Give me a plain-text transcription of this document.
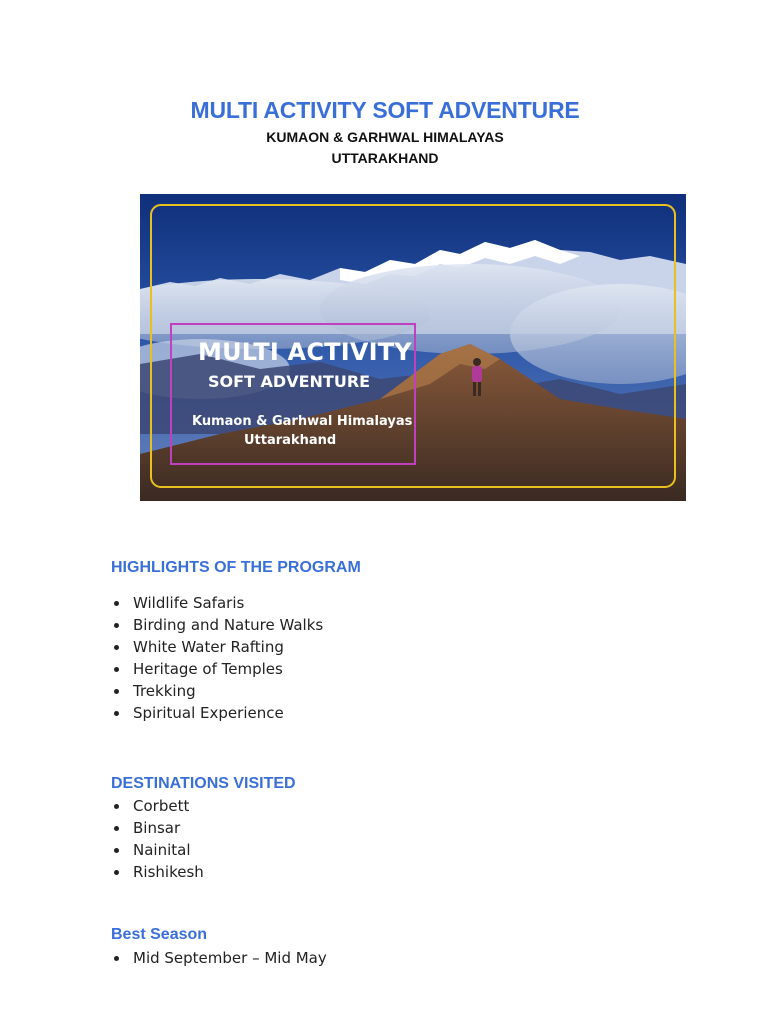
MULTI ACTIVITY SOFT ADVENTURE
KUMAON & GARHWAL HIMALAYAS
UTTARAKHAND
MULTI ACTIVITY
SOFT ADVENTURE
Kumaon & Garhwal Himalayas
Uttarakhand
HIGHLIGHTS OF THE PROGRAM
Wildlife Safaris
Birding and Nature Walks
White Water Rafting
Heritage of Temples
Trekking
Spiritual Experience
DESTINATIONS VISITED
Corbett
Binsar
Nainital
Rishikesh
Best Season
Mid September – Mid May
